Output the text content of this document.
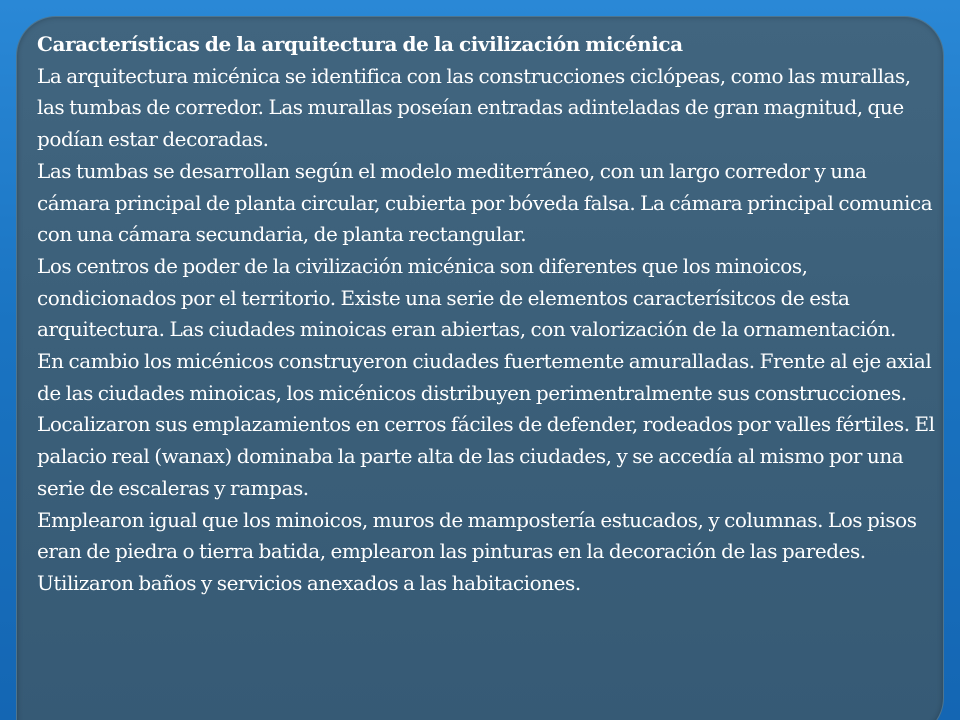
Características de la arquitectura de la civilización micénica

La arquitectura micénica se identifica con las construcciones ciclópeas, como las murallas, las tumbas de corredor. Las murallas poseían entradas adinteladas de gran magnitud, que podían estar decoradas.

Las tumbas se desarrollan según el modelo mediterráneo, con un largo corredor y una cámara principal de planta circular, cubierta por bóveda falsa. La cámara principal comunica con una cámara secundaria, de planta rectangular.

Los centros de poder de la civilización micénica son diferentes que los minoicos, condicionados por el territorio. Existe una serie de elementos caracterísitcos de esta arquitectura. Las ciudades minoicas eran abiertas, con valorización de la ornamentación.

En cambio los micénicos construyeron ciudades fuertemente amuralladas. Frente al eje axial de las ciudades minoicas, los micénicos distribuyen perimentralmente sus construcciones. Localizaron sus emplazamientos en cerros fáciles de defender, rodeados por valles fértiles. El palacio real (wanax) dominaba la parte alta de las ciudades, y se accedía al mismo por una serie de escaleras y rampas.

Emplearon igual que los minoicos, muros de mampostería estucados, y columnas. Los pisos eran de piedra o tierra batida, emplearon las pinturas en la decoración de las paredes. Utilizaron baños y servicios anexados a las habitaciones.
